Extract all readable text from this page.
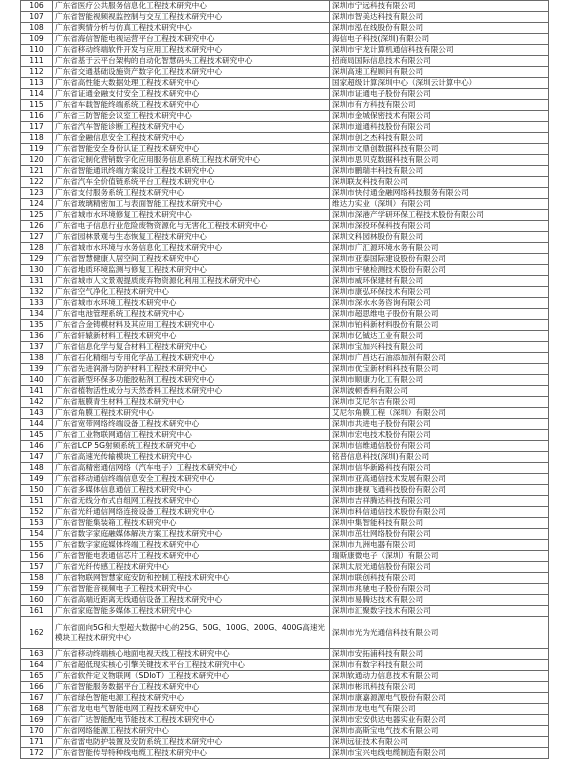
106	广东省医疗公共服务信息化工程技术研究中心	深圳市宁远科技有限公司
107	广东省智能视频视监控制与交互工程技术研究中心	深圳市智美达科技有限公司
108	广东省舆情分析与仿真工程技术研究中心	深圳市泓在线股份有限公司
109	广东省海信智能电视运营平台工程技术研究中心	海信电子科技(深圳)有限公司
110	广东省移动终端软件开发与应用工程技术研究中心	深圳市宇龙计算机通信科技有限公司
111	广东省基于云平台架构的自动化智慧码头工程技术研究中心	招商局国际信息技术有限公司
112	广东省交通基础设施资产数字化工程技术研究中心	深圳高速工程顾问有限公司
113	广东省高性能大数据处理工程技术研究中心	国家超级计算深圳中心（深圳云计算中心）
114	广东省证通金融支付安全工程技术研究中心	深圳市证通电子股份有限公司
115	广东省车载智能终端系统工程技术研究中心	深圳市有方科技有限公司
116	广东省三防智能会议室工程技术研究中心	深圳市金城保密技术有限公司
117	广东省汽车智能诊断工程技术研究中心	深圳市道通科技股份有限公司
118	广东省金融信息安全工程技术研究中心	深圳市创之杰科技有限公司
119	广东省智能安全身份认证工程技术研究中心	深圳市文鼎创数据科技有限公司
120	广东省定制化营销数字化应用服务信息系统工程技术研究中心	深圳市思贝克数据科技有限公司
121	广东省智能通讯终端方案设计工程技术研究中心	深圳市鹏瑞丰科技有限公司
122	广东省汽车全价值链系统平台工程技术研究中心	深圳联友科技有限公司
123	广东省支付服务系统工程技术研究中心	深圳市快付通金融网络科技服务有限公司
124	广东省玻璃精密加工与表面智能工程技术研究中心	维达力实业（深圳）有限公司
125	广东省城市水环境修复工程技术研究中心	深圳市深港产学研环保工程技术股份有限公司
126	广东省电子信息行业危险废物资源化与无害化工程技术研究中心	深圳市深投环保科技有限公司
127	广东省园林景观与生态恢复工程技术研究中心	深圳文科园林股份有限公司
128	广东省城市水环境与水务信息化工程技术研究中心	深圳市广汇源环境水务有限公司
129	广东省智慧健康人居空间工程技术研究中心	深圳市亚泰国际建设股份有限公司
130	广东省地质环境监测与修复工程技术研究中心	深圳市宇驰检测技术股份有限公司
131	广东省城市人文景观提质废弃物资源化利用工程技术研究中心	深圳市威环保建材有限公司
132	广东省空气净化工程技术研究中心	深圳市康弘环保技术有限公司
133	广东省城市水环境工程技术研究中心	深圳市深水水务咨询有限公司
134	广东省电池管理系统工程技术研究中心	深圳市超思维电子股份有限公司
135	广东省合金铸模材料及其应用工程技术研究中心	深圳市铂科新材料股份有限公司
136	广东省轩辕新材料工程技术研究中心	深圳市亿铖达工业有限公司
137	广东省信息化学与复合材料工程技术研究中心	深圳市宝加兴科技有限公司
138	广东省石化精细与专用化学品工程技术研究中心	深圳市广昌达石油添加剂有限公司
139	广东省先进润滑与防护材料工程技术研究中心	深圳市优宝新材料科技有限公司
140	广东省新型环保多功能胶粘剂工程技术研究中心	深圳市顺康力化工有限公司
141	广东省植物活性成分与天然香料工程技术研究中心	深圳波顿香料有限公司
142	广东省瓶膜青生材料工程技术研究中心	深圳市艾尼尔吉有限公司
143	广东省角膜工程技术研究中心	艾尼尔角膜工程（深圳）有限公司
144	广东省宽带网络终端设备工程技术研究中心	深圳市共进电子股份有限公司
145	广东省工业物联网通信工程技术研究中心	深圳市宏电技术股份有限公司
146	广东省LCP 5G射频系统工程技术研究中心	深圳市信维通信股份有限公司
147	广东省高速光传输模块工程技术研究中心	铭普信息科技(深圳)有限公司
148	广东省高精密通信网络（汽车电子）工程技术研究中心	深圳市信华新路科技有限公司
149	广东省移动通信终端信息安全工程技术研究中心	深圳市亚高通信技术发展有限公司
150	广东省多媒体信息通信工程技术研究中心	深圳市捷视飞通科技股份有限公司
151	广东省无线分布式自组网工程技术研究中心	深圳市吉祥腾达科技有限公司
152	广东省光纤通信网络连接设备工程技术研究中心	深圳市科信通信技术股份有限公司
153	广东省智能集装箱工程技术研究中心	深圳中集智能科技有限公司
154	广东省数字家庭融媒体解决方案工程技术研究中心	深圳市茁壮网络股份有限公司
155	广东省数字家庭媒体终端工程技术研究中心	深圳市九洲电器有限公司
156	广东省智能电表通信芯片工程技术研究中心	瑞斯康微电子（深圳）有限公司
157	广东省光纤传感工程技术研究中心	深圳太辰光通信股份有限公司
158	广东省物联网智慧家庭安防和控制工程技术研究中心	深圳市联创科技有限公司
159	广东省智能音视频电子工程技术研究中心	深圳市兆驰电子股份有限公司
160	广东省高端近距离无线通信设备工程技术研究中心	深圳市易腾达技术有限公司
161	广东省家庭智能多媒体工程技术研究中心	深圳市汇聚数字技术有限公司
162	广东省面向5G和大型超大数据中心的25G、50G、100G、200G、400G高速光模块工程技术研究中心	深圳市光为光通信科技有限公司
163	广东省移动终端核心地面电视天线工程技术研究中心	深圳市安拓浦科技有限公司
164	广东省超低现实核心引擎关键技术平台工程技术研究中心	深圳市有数字科技有限公司
165	广东省软件定义物联网（SDIoT）工程技术研究中心	深圳软通动力信息技术有限公司
166	广东省智能服务数据平台工程技术研究中心	深圳市彬讯科技有限公司
167	广东省绿色智能电源工程技术研究中心	深圳市康嘉源源电气股份有限公司
168	广东省龙电电气智能电网工程技术研究中心	深圳市龙电电气有限公司
169	广东省广达智能配电节能技术工程技术研究中心	深圳市宏安供达电器实业有限公司
170	广东省网络能源工程技术研究中心	深圳市高斯宝电气技术有限公司
171	广东省雷电防护装置及安防系统工程技术研究中心	深圳远征技术有限公司
172	广东省智能传导特种线电缆工程技术研究中心	深圳市宝兴电线电缆制造有限公司
